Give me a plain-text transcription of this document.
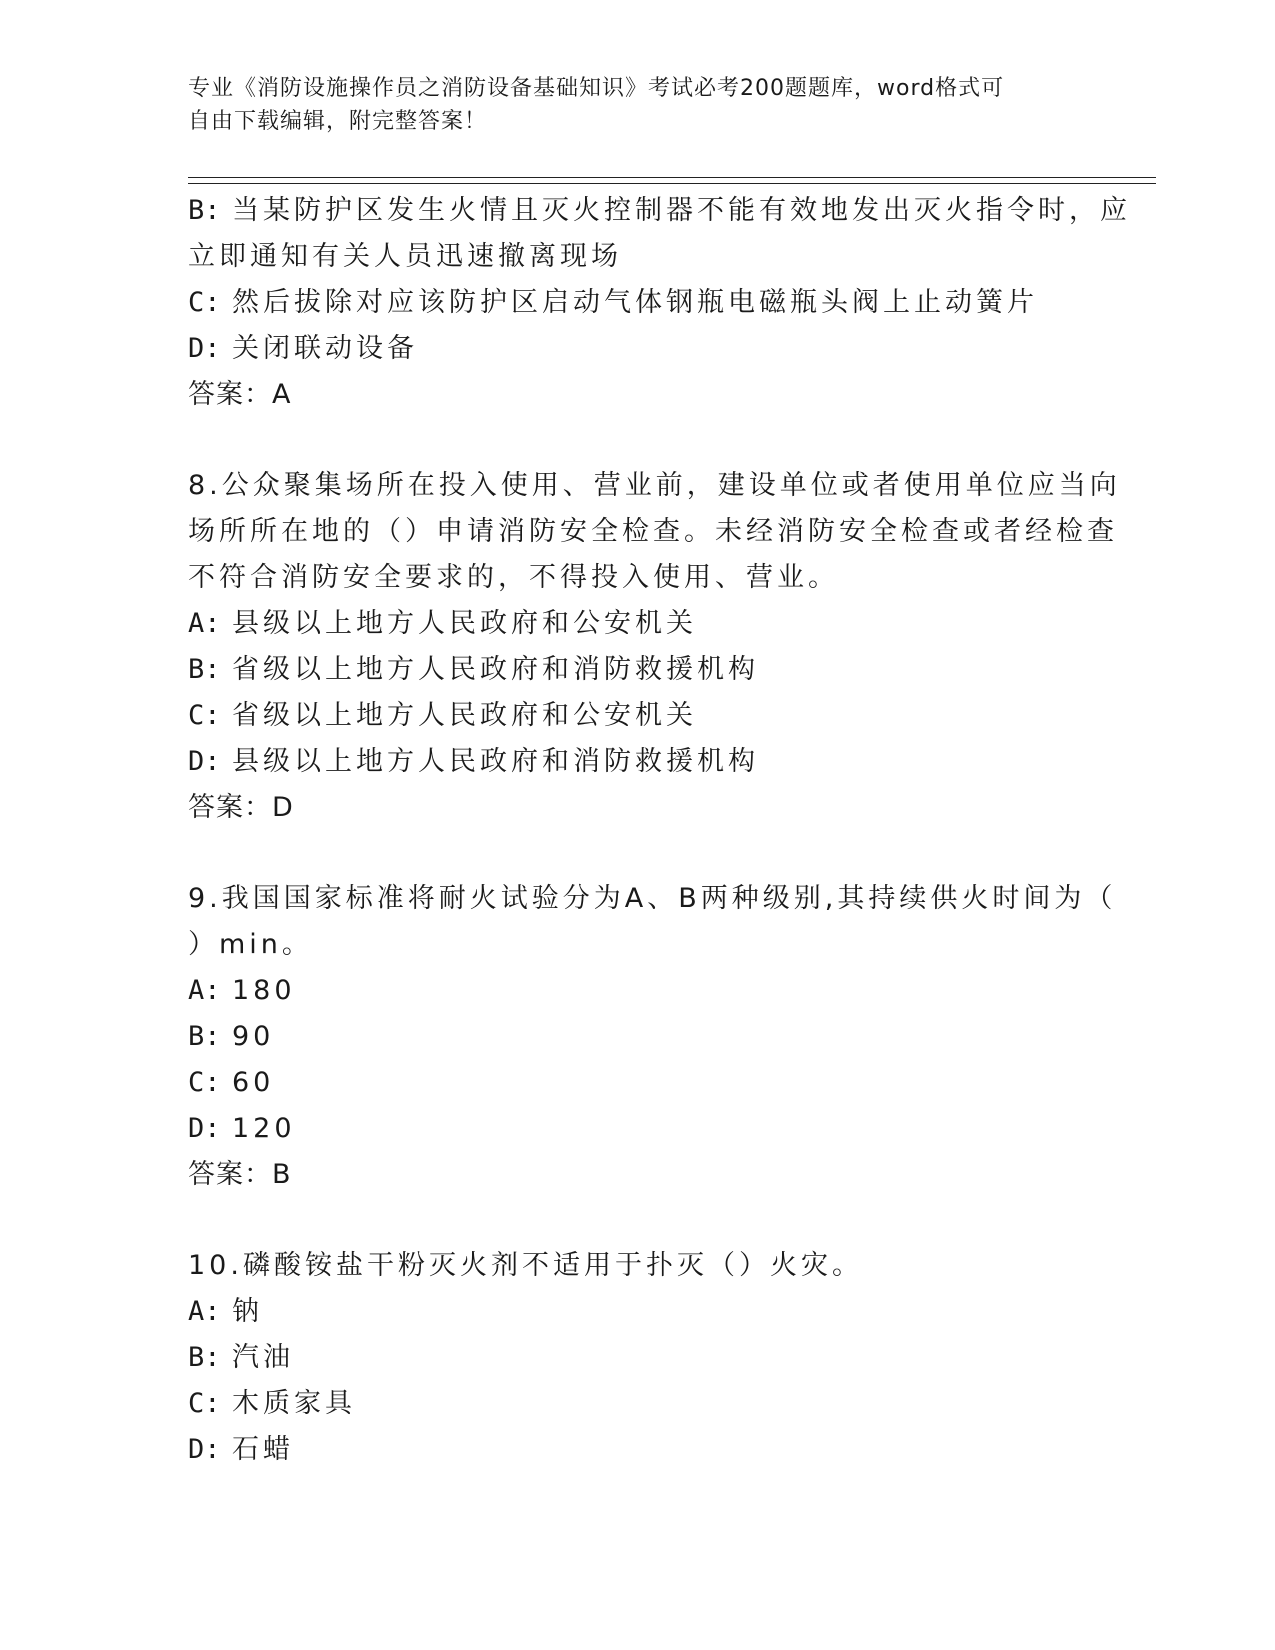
专业《消防设施操作员之消防设备基础知识》考试必考200题题库，word格式可
自由下载编辑，附完整答案！
B: 当某防护区发生火情且灭火控制器不能有效地发出灭火指令时，应
立即通知有关人员迅速撤离现场
C: 然后拔除对应该防护区启动气体钢瓶电磁瓶头阀上止动簧片
D: 关闭联动设备
答案：A
8.公众聚集场所在投入使用、营业前，建设单位或者使用单位应当向
场所所在地的（）申请消防安全检查。未经消防安全检查或者经检查
不符合消防安全要求的，不得投入使用、营业。
A: 县级以上地方人民政府和公安机关
B: 省级以上地方人民政府和消防救援机构
C: 省级以上地方人民政府和公安机关
D: 县级以上地方人民政府和消防救援机构
答案：D
9.我国国家标准将耐火试验分为A、B两种级别,其持续供火时间为（
）min。
A: 180
B: 90
C: 60
D: 120
答案：B
10.磷酸铵盐干粉灭火剂不适用于扑灭（）火灾。
A: 钠
B: 汽油
C: 木质家具
D: 石蜡
